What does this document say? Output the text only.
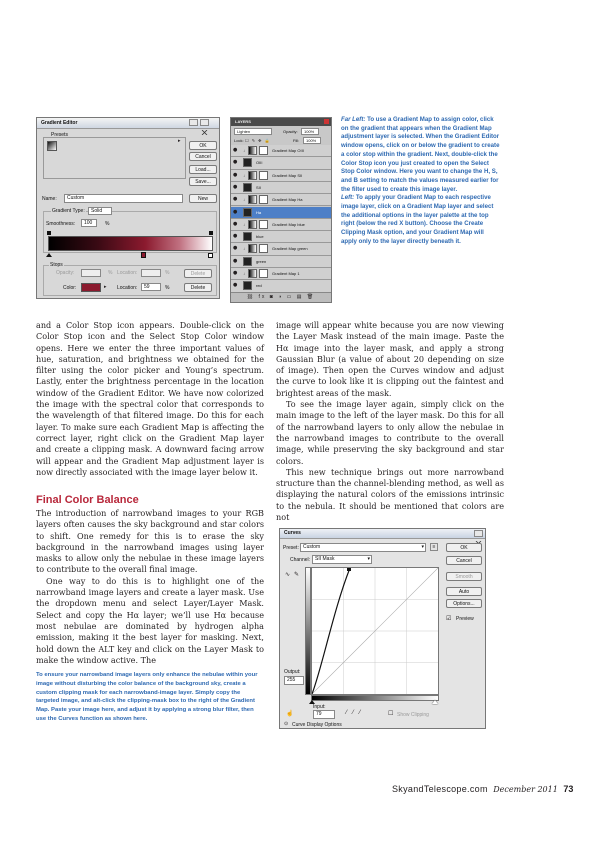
Gradient Editor
Presets
▸
OK
Cancel
Load...
Save...
Name:	Custom	New
Gradient Type:	Solid
Smoothness:	100	%
Stops
Opacity:	% Location:	%	Delete
Color:	▸ Location:	59	%	Delete
LAYERS
Lighten	Opacity:	100%
Lock: ☐ ✎ ✥ 🔒	Fill:	100%
● ↓	Gradient Map OIII
●	OIII
● ↓	Gradient Map SII
●	SII
● ↓	Gradient Map Ha
●	Ha
● ↓	Gradient Map blue
●	blue
● ↓	Gradient Map green
●	green
● ↓	Gradient Map 1
●	red
⛓ fx ◙ ◑ ▭ ▤ 🗑
Far Left: To use a Gradient Map to assign color, click on the gradient that appears when the Gradient Map adjustment layer is selected. When the Gradient Editor window opens, click on or below the gradient to create a color stop within the gradient. Next, double-click the Color Stop icon you just created to open the Select Stop Color window. Here you want to change the H, S, and B setting to match the values measured earlier for the filter used to create this image layer.
Left: To apply your Gradient Map to each respective image layer, click on a Gradient Map layer and select the additional options in the layer palette at the top right (below the red X button). Choose the Create Clipping Mask option, and your Gradient Map will apply only to the layer directly beneath it.

and a Color Stop icon appears. Double-click on the Color Stop icon and the Select Stop Color window opens. Here we enter the three important values of hue, saturation, and brightness we obtained for the filter using the color picker and Young’s spectrum. Lastly, enter the brightness percentage in the location window of the Gradient Editor. We have now colorized the image with the spectral color that corresponds to the wavelength of that filtered image. Do this for each layer. To make sure each Gradient Map is affecting the correct layer, right click on the Gradient Map layer and create a clipping mask. A downward facing arrow will appear and the Gradient Map adjustment layer is now directly associated with the image layer below it.

Final Color Balance

The introduction of narrowband images to your RGB layers often causes the sky background and star colors to shift. One remedy for this is to erase the sky background in the narrowband images using layer masks to allow only the nebulae in these image layers to contribute to the overall final image.

One way to do this is to highlight one of the narrowband image layers and create a layer mask. Use the dropdown menu and select Layer/Layer Mask. Select and copy the Hα layer; we’ll use Hα because most nebulae are dominated by hydrogen alpha emission, making it the best layer for masking. Next, hold down the ALT key and click on the Layer Mask to make the window active. The

To ensure your narrowband image layers only enhance the nebulae within your image without disturbing the color balance of the background sky, create a custom clipping mask for each narrowband-image layer. Simply copy the targeted image, and alt-click the clipping-mask box to the right of the Gradient Map. Paste your image here, and adjust it by applying a strong blur filter, then use the Curves function as shown here.

image will appear white because you are now viewing the Layer Mask instead of the main image. Paste the Hα image into the layer mask, and apply a strong Gaussian Blur (a value of about 20 depending on size of image). Then open the Curves window and adjust the curve to look like it is clipping out the faintest and brightest areas of the mask.

To see the image layer again, simply click on the main image to the left of the layer mask. Do this for all of the narrowband layers to only allow the nebulae in the narrowband images to contribute to the overall image, while preserving the sky background and star colors.

This new technique brings out more narrowband structure than the channel-blending method, as well as displaying the natural colors of the emissions intrinsic to the nebula. It should be mentioned that colors are not

Curves
Preset: Custom	▾	≡
Channel: SII Mask	▾
OK
Cancel
Smooth
Auto
Options...
☑ Preview
∿ ✎
Output:
255
Input:
☝	79	⁄ ⁄ ⁄	☐ Show Clipping
⊙ Curve Display Options
SkyandTelescope.com December 2011 73
